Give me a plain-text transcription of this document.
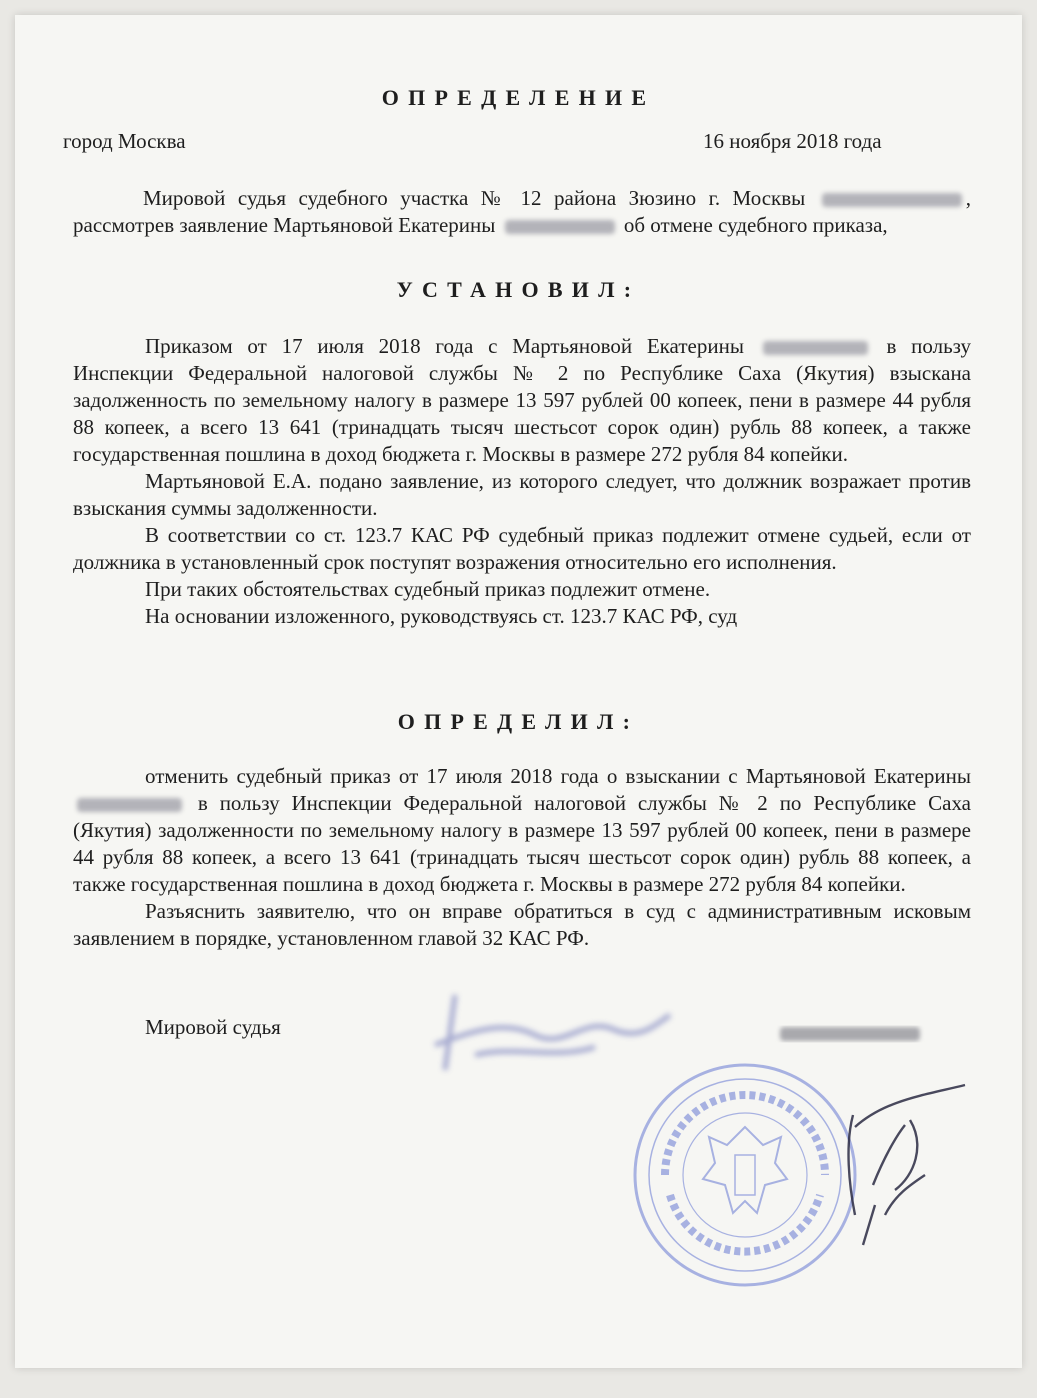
ОПРЕДЕЛЕНИЕ
город Москва	16 ноября 2018 года

Мировой судья судебного участка № 12 района Зюзино г. Москвы	, рассмотрев заявление Мартьяновой Екатерины	об отмене судебного приказа,

УСТАНОВИЛ:

Приказом от 17 июля 2018 года с Мартьяновой Екатерины	в пользу Инспекции Федеральной налоговой службы № 2 по Республике Саха (Якутия) взыскана задолженность по земельному налогу в размере 13 597 рублей 00 копеек, пени в размере 44 рубля 88 копеек, а всего 13 641 (тринадцать тысяч шестьсот сорок один) рубль 88 копеек, а также государственная пошлина в доход бюджета г. Москвы в размере 272 рубля 84 копейки.

Мартьяновой Е.А. подано заявление, из которого следует, что должник возражает против взыскания суммы задолженности.

В соответствии со ст. 123.7 КАС РФ судебный приказ подлежит отмене судьей, если от должника в установленный срок поступят возражения относительно его исполнения.

При таких обстоятельствах судебный приказ подлежит отмене.

На основании изложенного, руководствуясь ст. 123.7 КАС РФ, суд

ОПРЕДЕЛИЛ:

отменить судебный приказ от 17 июля 2018 года о взыскании с Мартьяновой Екатерины  в пользу Инспекции Федеральной налоговой службы № 2 по Республике Саха (Якутия) задолженности по земельному налогу в размере 13 597 рублей 00 копеек, пени в размере 44 рубля 88 копеек, а всего 13 641 (тринадцать тысяч шестьсот сорок один) рубль 88 копеек, а также государственная пошлина в доход бюджета г. Москвы в размере 272 рубля 84 копейки.

Разъяснить заявителю, что он вправе обратиться в суд с административным исковым заявлением в порядке, установленном главой 32 КАС РФ.

Мировой судья
